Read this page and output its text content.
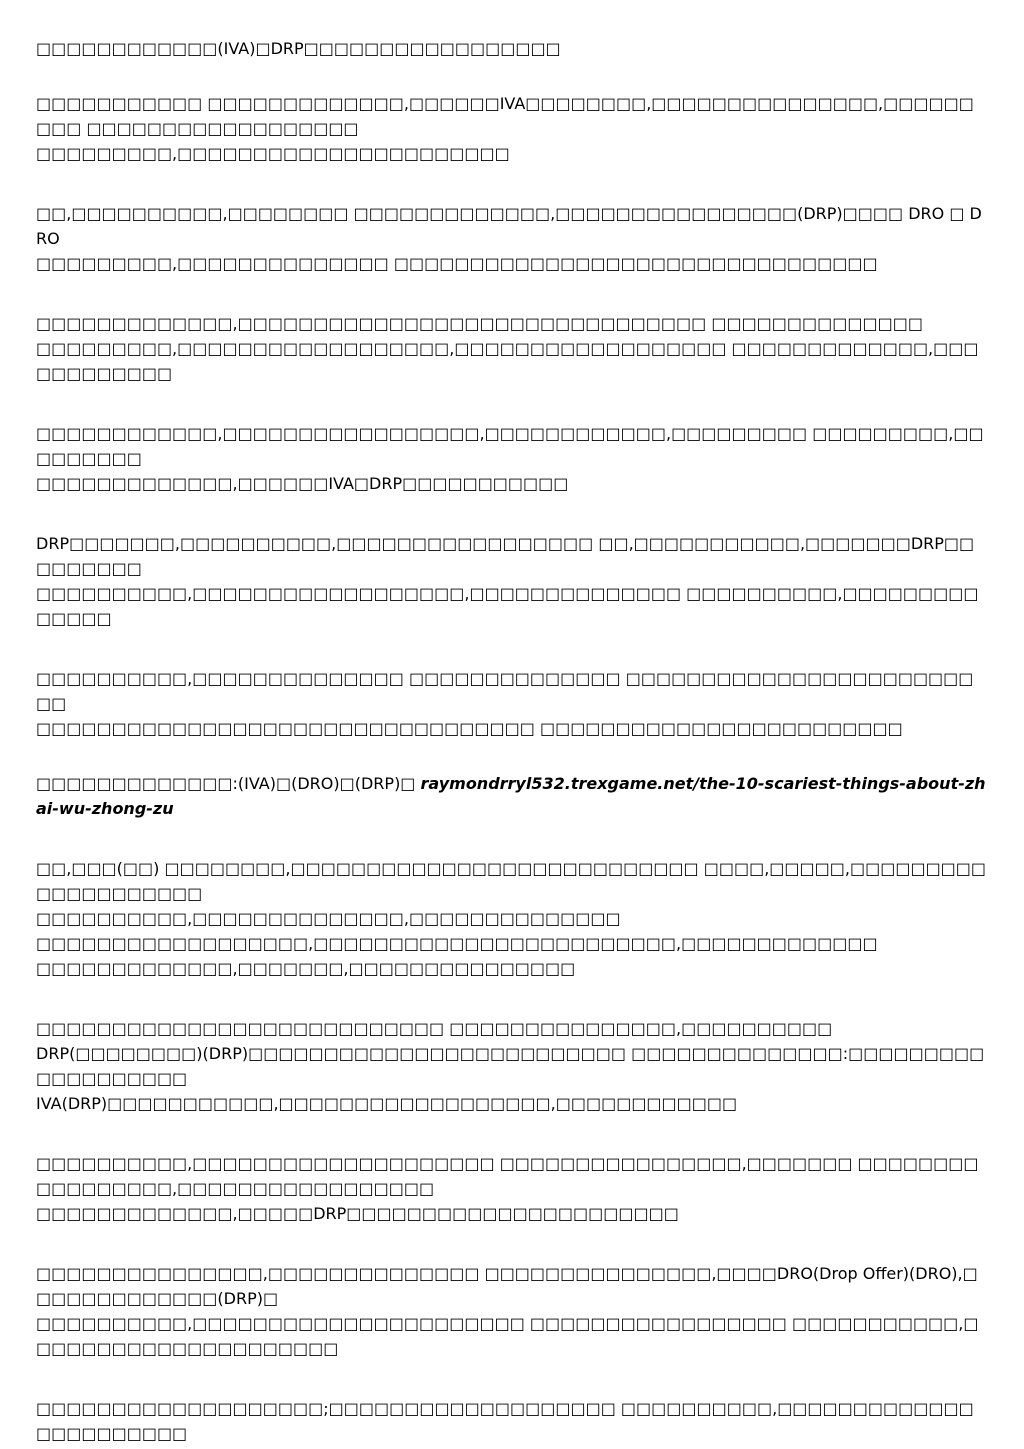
□□□□□□□□□□□□(IVA)□DRP□□□□□□□□□□□□□□□□□

□□□□□□□□□□□ □□□□□□□□□□□□□,□□□□□□IVA□□□□□□□□,□□□□□□□□□□□□□□□,□□□□□□□□□ □□□□□□□□□□□□□□□□□□
□□□□□□□□□,□□□□□□□□□□□□□□□□□□□□□□

□□,□□□□□□□□□□,□□□□□□□□ □□□□□□□□□□□□□,□□□□□□□□□□□□□□□□(DRP)□□□□ DRO □ DRO
□□□□□□□□□,□□□□□□□□□□□□□□ □□□□□□□□□□□□□□□□□□□□□□□□□□□□□□□□

□□□□□□□□□□□□□,□□□□□□□□□□□□□□□□□□□□□□□□□□□□□□□ □□□□□□□□□□□□□□
□□□□□□□□□,□□□□□□□□□□□□□□□□□□,□□□□□□□□□□□□□□□□□□ □□□□□□□□□□□□□,□□□□□□□□□□□□

□□□□□□□□□□□□,□□□□□□□□□□□□□□□□□,□□□□□□□□□□□□,□□□□□□□□□ □□□□□□□□□,□□□□□□□□□
□□□□□□□□□□□□□,□□□□□□IVA□DRP□□□□□□□□□□□

DRP□□□□□□□,□□□□□□□□□□,□□□□□□□□□□□□□□□□□ □□,□□□□□□□□□□□,□□□□□□□DRP□□□□□□□□□
□□□□□□□□□□,□□□□□□□□□□□□□□□□□□,□□□□□□□□□□□□□□ □□□□□□□□□□,□□□□□□□□□□□□□□

□□□□□□□□□□,□□□□□□□□□□□□□□ □□□□□□□□□□□□□□ □□□□□□□□□□□□□□□□□□□□□□□□□
□□□□□□□□□□□□□□□□□□□□□□□□□□□□□□□□□ □□□□□□□□□□□□□□□□□□□□□□□□

□□□□□□□□□□□□□:(IVA)□(DRO)□(DRP)□ raymondrryl532.trexgame.net/the-10-scariest-things-about-zhai-wu-zhong-zu

□□,□□□(□□) □□□□□□□□,□□□□□□□□□□□□□□□□□□□□□□□□□□□ □□□□,□□□□□,□□□□□□□□□□□□□□□□□□□□
□□□□□□□□□□,□□□□□□□□□□□□□□,□□□□□□□□□□□□□□
□□□□□□□□□□□□□□□□□□,□□□□□□□□□□□□□□□□□□□□□□□□,□□□□□□□□□□□□□
□□□□□□□□□□□□□,□□□□□□□,□□□□□□□□□□□□□□□

□□□□□□□□□□□□□□□□□□□□□□□□□□□ □□□□□□□□□□□□□□□,□□□□□□□□□□
DRP(□□□□□□□□)(DRP)□□□□□□□□□□□□□□□□□□□□□□□□□ □□□□□□□□□□□□□□:□□□□□□□□□□□□□□□□□□□
IVA(DRP)□□□□□□□□□□□,□□□□□□□□□□□□□□□□□□,□□□□□□□□□□□□

□□□□□□□□□□,□□□□□□□□□□□□□□□□□□□□ □□□□□□□□□□□□□□□□,□□□□□□□ □□□□□□□□□□□□□□□□□,□□□□□□□□□□□□□□□□□
□□□□□□□□□□□□□,□□□□□DRP□□□□□□□□□□□□□□□□□□□□□□

□□□□□□□□□□□□□□□,□□□□□□□□□□□□□□ □□□□□□□□□□□□□□□,□□□□DRO(Drop Offer)(DRO),□□□□□□□□□□□□□(DRP)□
□□□□□□□□□□,□□□□□□□□□□□□□□□□□□□□□□ □□□□□□□□□□□□□□□□□ □□□□□□□□□□□,□□□□□□□□□□□□□□□□□□□□□

□□□□□□□□□□□□□□□□□□□;□□□□□□□□□□□□□□□□□□□ □□□□□□□□□□,□□□□□□□□□□□□□□□□□□□□□□□
